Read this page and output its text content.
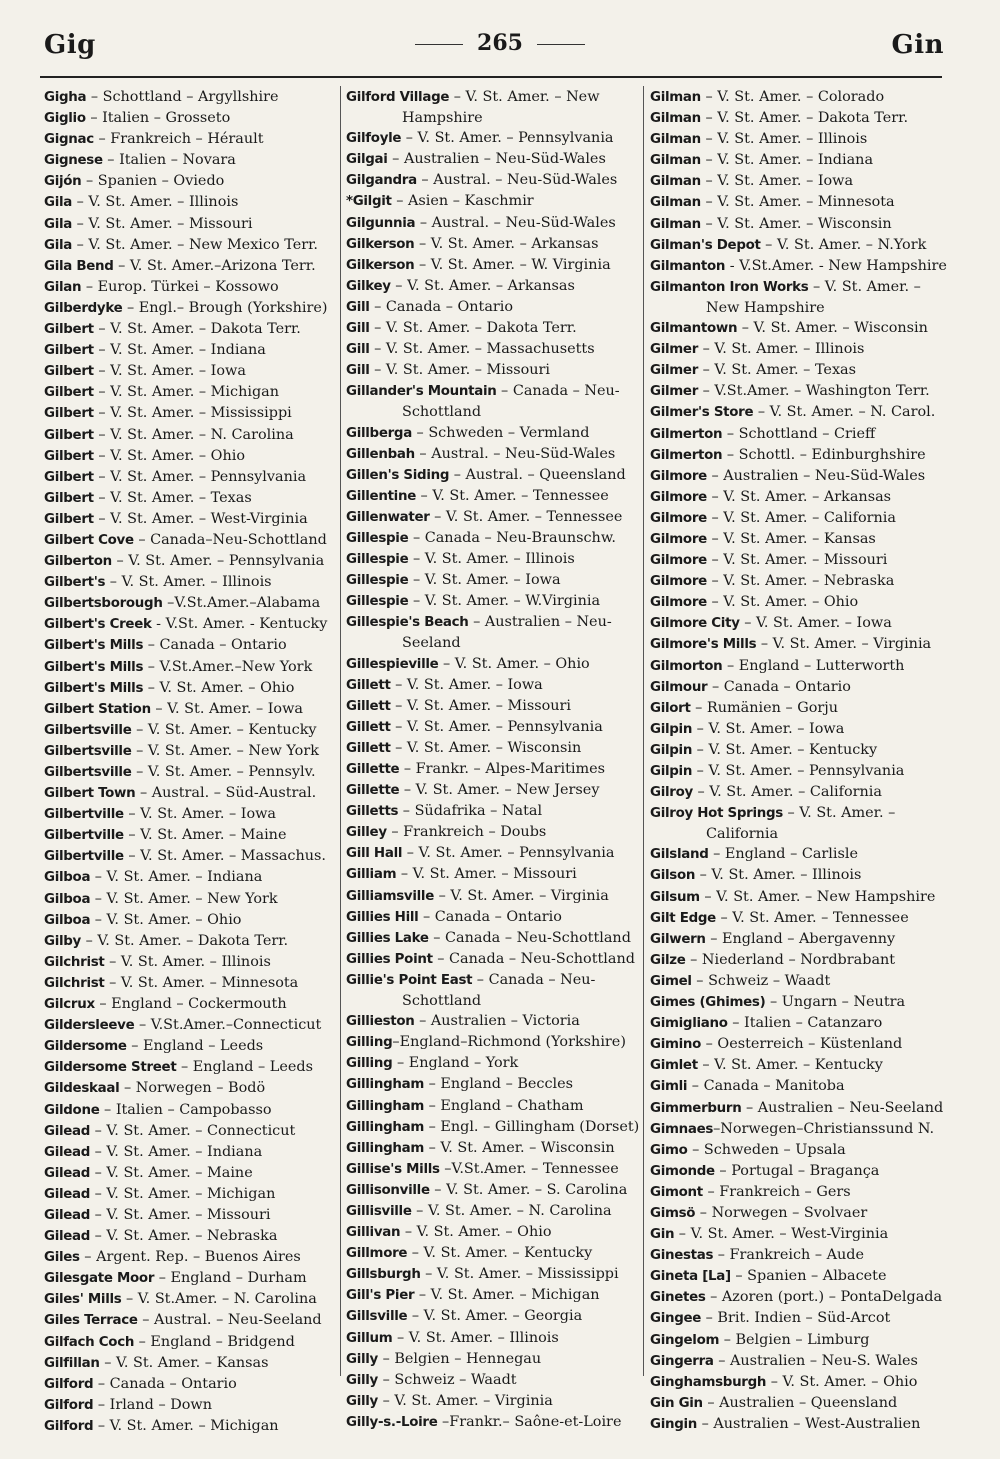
Gig	265	Gin
Gigha – Schottland – Argyllshire
Giglio – Italien – Grosseto
Gignac – Frankreich – Hérault
Gignese – Italien – Novara
Gijón – Spanien – Oviedo
Gila – V. St. Amer. – Illinois
Gila – V. St. Amer. – Missouri
Gila – V. St. Amer. – New Mexico Terr.
Gila Bend – V. St. Amer.–Arizona Terr.
Gilan – Europ. Türkei – Kossowo
Gilberdyke – Engl.– Brough (Yorkshire)
Gilbert – V. St. Amer. – Dakota Terr.
Gilbert – V. St. Amer. – Indiana
Gilbert – V. St. Amer. – Iowa
Gilbert – V. St. Amer. – Michigan
Gilbert – V. St. Amer. – Mississippi
Gilbert – V. St. Amer. – N. Carolina
Gilbert – V. St. Amer. – Ohio
Gilbert – V. St. Amer. – Pennsylvania
Gilbert – V. St. Amer. – Texas
Gilbert – V. St. Amer. – West-Virginia
Gilbert Cove – Canada–Neu-Schottland
Gilberton – V. St. Amer. – Pennsylvania
Gilbert's – V. St. Amer. – Illinois
Gilbertsborough –V.St.Amer.–Alabama
Gilbert's Creek - V.St. Amer. - Kentucky
Gilbert's Mills – Canada – Ontario
Gilbert's Mills – V.St.Amer.–New York
Gilbert's Mills – V. St. Amer. – Ohio
Gilbert Station – V. St. Amer. – Iowa
Gilbertsville – V. St. Amer. – Kentucky
Gilbertsville – V. St. Amer. – New York
Gilbertsville – V. St. Amer. – Pennsylv.
Gilbert Town – Austral. – Süd-Austral.
Gilbertville – V. St. Amer. – Iowa
Gilbertville – V. St. Amer. – Maine
Gilbertville – V. St. Amer. – Massachus.
Gilboa – V. St. Amer. – Indiana
Gilboa – V. St. Amer. – New York
Gilboa – V. St. Amer. – Ohio
Gilby – V. St. Amer. – Dakota Terr.
Gilchrist – V. St. Amer. – Illinois
Gilchrist – V. St. Amer. – Minnesota
Gilcrux – England – Cockermouth
Gildersleeve – V.St.Amer.–Connecticut
Gildersome – England – Leeds
Gildersome Street – England – Leeds
Gildeskaal – Norwegen – Bodö
Gildone – Italien – Campobasso
Gilead – V. St. Amer. – Connecticut
Gilead – V. St. Amer. – Indiana
Gilead – V. St. Amer. – Maine
Gilead – V. St. Amer. – Michigan
Gilead – V. St. Amer. – Missouri
Gilead – V. St. Amer. – Nebraska
Giles – Argent. Rep. – Buenos Aires
Gilesgate Moor – England – Durham
Giles' Mills – V. St.Amer. – N. Carolina
Giles Terrace – Austral. – Neu-Seeland
Gilfach Coch – England – Bridgend
Gilfillan – V. St. Amer. – Kansas
Gilford – Canada – Ontario
Gilford – Irland – Down
Gilford – V. St. Amer. – Michigan
Gilford Village – V. St. Amer. – New
Hampshire
Gilfoyle – V. St. Amer. – Pennsylvania
Gilgai – Australien – Neu-Süd-Wales
Gilgandra – Austral. – Neu-Süd-Wales
*Gilgit – Asien – Kaschmir
Gilgunnia – Austral. – Neu-Süd-Wales
Gilkerson – V. St. Amer. – Arkansas
Gilkerson – V. St. Amer. – W. Virginia
Gilkey – V. St. Amer. – Arkansas
Gill – Canada – Ontario
Gill – V. St. Amer. – Dakota Terr.
Gill – V. St. Amer. – Massachusetts
Gill – V. St. Amer. – Missouri
Gillander's Mountain – Canada – Neu-
Schottland
Gillberga – Schweden – Vermland
Gillenbah – Austral. – Neu-Süd-Wales
Gillen's Siding – Austral. – Queensland
Gillentine – V. St. Amer. – Tennessee
Gillenwater – V. St. Amer. – Tennessee
Gillespie – Canada – Neu-Braunschw.
Gillespie – V. St. Amer. – Illinois
Gillespie – V. St. Amer. – Iowa
Gillespie – V. St. Amer. – W.Virginia
Gillespie's Beach – Australien – Neu-
Seeland
Gillespieville – V. St. Amer. – Ohio
Gillett – V. St. Amer. – Iowa
Gillett – V. St. Amer. – Missouri
Gillett – V. St. Amer. – Pennsylvania
Gillett – V. St. Amer. – Wisconsin
Gillette – Frankr. – Alpes-Maritimes
Gillette – V. St. Amer. – New Jersey
Gilletts – Südafrika – Natal
Gilley – Frankreich – Doubs
Gill Hall – V. St. Amer. – Pennsylvania
Gilliam – V. St. Amer. – Missouri
Gilliamsville – V. St. Amer. – Virginia
Gillies Hill – Canada – Ontario
Gillies Lake – Canada – Neu-Schottland
Gillies Point – Canada – Neu-Schottland
Gillie's Point East – Canada – Neu-
Schottland
Gillieston – Australien – Victoria
Gilling–England–Richmond (Yorkshire)
Gilling – England – York
Gillingham – England – Beccles
Gillingham – England – Chatham
Gillingham – Engl. – Gillingham (Dorset)
Gillingham – V. St. Amer. – Wisconsin
Gillise's Mills –V.St.Amer. – Tennessee
Gillisonville – V. St. Amer. – S. Carolina
Gillisville – V. St. Amer. – N. Carolina
Gillivan – V. St. Amer. – Ohio
Gillmore – V. St. Amer. – Kentucky
Gillsburgh – V. St. Amer. – Mississippi
Gill's Pier – V. St. Amer. – Michigan
Gillsville – V. St. Amer. – Georgia
Gillum – V. St. Amer. – Illinois
Gilly – Belgien – Hennegau
Gilly – Schweiz – Waadt
Gilly – V. St. Amer. – Virginia
Gilly-s.-Loire –Frankr.– Saône-et-Loire
Gilman – V. St. Amer. – Colorado
Gilman – V. St. Amer. – Dakota Terr.
Gilman – V. St. Amer. – Illinois
Gilman – V. St. Amer. – Indiana
Gilman – V. St. Amer. – Iowa
Gilman – V. St. Amer. – Minnesota
Gilman – V. St. Amer. – Wisconsin
Gilman's Depot – V. St. Amer. – N.York
Gilmanton - V.St.Amer. - New Hampshire
Gilmanton Iron Works – V. St. Amer. –
New Hampshire
Gilmantown – V. St. Amer. – Wisconsin
Gilmer – V. St. Amer. – Illinois
Gilmer – V. St. Amer. – Texas
Gilmer – V.St.Amer. – Washington Terr.
Gilmer's Store – V. St. Amer. – N. Carol.
Gilmerton – Schottland – Crieff
Gilmerton – Schottl. – Edinburghshire
Gilmore – Australien – Neu-Süd-Wales
Gilmore – V. St. Amer. – Arkansas
Gilmore – V. St. Amer. – California
Gilmore – V. St. Amer. – Kansas
Gilmore – V. St. Amer. – Missouri
Gilmore – V. St. Amer. – Nebraska
Gilmore – V. St. Amer. – Ohio
Gilmore City – V. St. Amer. – Iowa
Gilmore's Mills – V. St. Amer. – Virginia
Gilmorton – England – Lutterworth
Gilmour – Canada – Ontario
Gilort – Rumänien – Gorju
Gilpin – V. St. Amer. – Iowa
Gilpin – V. St. Amer. – Kentucky
Gilpin – V. St. Amer. – Pennsylvania
Gilroy – V. St. Amer. – California
Gilroy Hot Springs – V. St. Amer. –
California
Gilsland – England – Carlisle
Gilson – V. St. Amer. – Illinois
Gilsum – V. St. Amer. – New Hampshire
Gilt Edge – V. St. Amer. – Tennessee
Gilwern – England – Abergavenny
Gilze – Niederland – Nordbrabant
Gimel – Schweiz – Waadt
Gimes (Ghimes) – Ungarn – Neutra
Gimigliano – Italien – Catanzaro
Gimino – Oesterreich – Küstenland
Gimlet – V. St. Amer. – Kentucky
Gimli – Canada – Manitoba
Gimmerburn – Australien – Neu-Seeland
Gimnaes–Norwegen–Christianssund N.
Gimo – Schweden – Upsala
Gimonde – Portugal – Bragança
Gimont – Frankreich – Gers
Gimsö – Norwegen – Svolvaer
Gin – V. St. Amer. – West-Virginia
Ginestas – Frankreich – Aude
Gineta [La] – Spanien – Albacete
Ginetes – Azoren (port.) – PontaDelgada
Gingee – Brit. Indien – Süd-Arcot
Gingelom – Belgien – Limburg
Gingerra – Australien – Neu-S. Wales
Ginghamsburgh – V. St. Amer. – Ohio
Gin Gin – Australien – Queensland
Gingin – Australien – West-Australien
